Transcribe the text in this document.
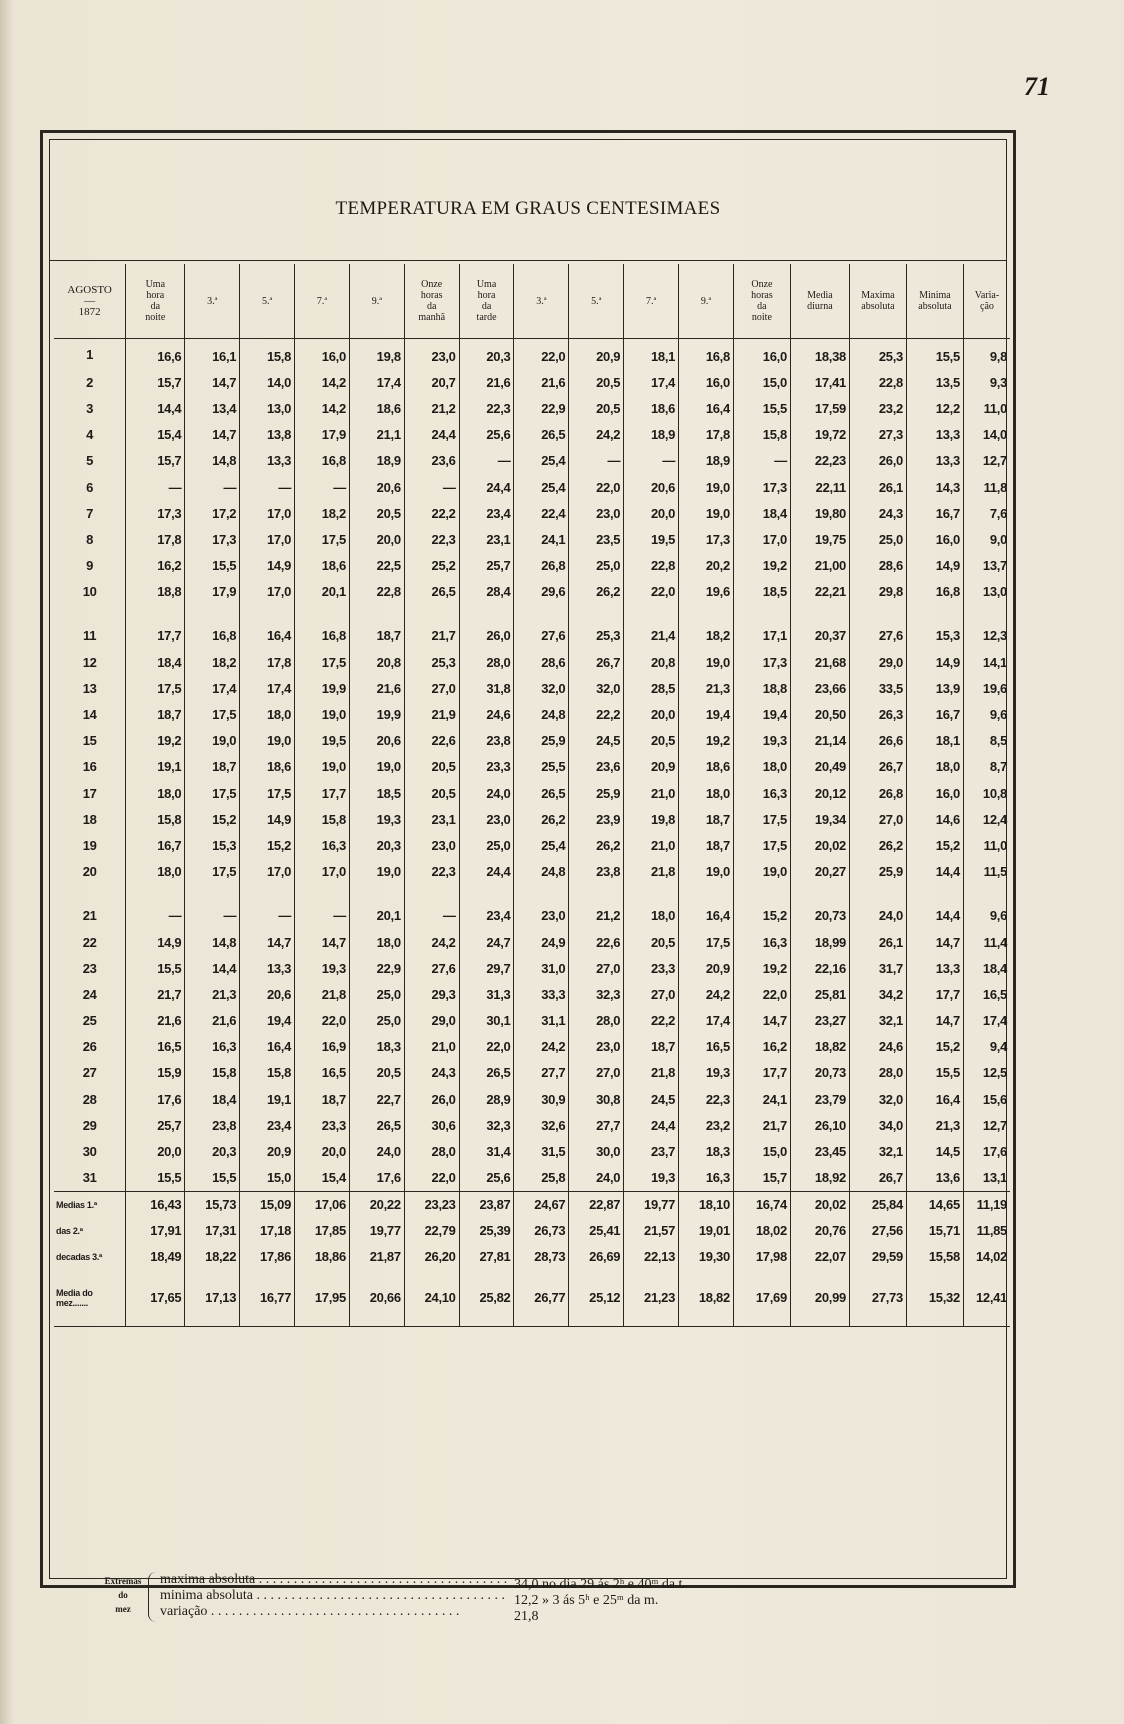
71
TEMPERATURA EM GRAUS CENTESIMAES
AGOSTO
—
1872	Uma
hora
da
noite	3.ª	5.ª	7.ª	9.ª	Onze
horas
da
manhã	Uma
hora
da
tarde	3.ª	5.ª	7.ª	9.ª	Onze
horas
da
noite	Media
diurna	Maxima
absoluta	Minima
absoluta	Varia-
ção
1	16,6	16,1	15,8	16,0	19,8	23,0	20,3	22,0	20,9	18,1	16,8	16,0	18,38	25,3	15,5	9,8
2	15,7	14,7	14,0	14,2	17,4	20,7	21,6	21,6	20,5	17,4	16,0	15,0	17,41	22,8	13,5	9,3
3	14,4	13,4	13,0	14,2	18,6	21,2	22,3	22,9	20,5	18,6	16,4	15,5	17,59	23,2	12,2	11,0
4	15,4	14,7	13,8	17,9	21,1	24,4	25,6	26,5	24,2	18,9	17,8	15,8	19,72	27,3	13,3	14,0
5	15,7	14,8	13,3	16,8	18,9	23,6	—	25,4	—	—	18,9	—	22,23	26,0	13,3	12,7
6	—	—	—	—	20,6	—	24,4	25,4	22,0	20,6	19,0	17,3	22,11	26,1	14,3	11,8
7	17,3	17,2	17,0	18,2	20,5	22,2	23,4	22,4	23,0	20,0	19,0	18,4	19,80	24,3	16,7	7,6
8	17,8	17,3	17,0	17,5	20,0	22,3	23,1	24,1	23,5	19,5	17,3	17,0	19,75	25,0	16,0	9,0
9	16,2	15,5	14,9	18,6	22,5	25,2	25,7	26,8	25,0	22,8	20,2	19,2	21,00	28,6	14,9	13,7
10	18,8	17,9	17,0	20,1	22,8	26,5	28,4	29,6	26,2	22,0	19,6	18,5	22,21	29,8	16,8	13,0

11	17,7	16,8	16,4	16,8	18,7	21,7	26,0	27,6	25,3	21,4	18,2	17,1	20,37	27,6	15,3	12,3
12	18,4	18,2	17,8	17,5	20,8	25,3	28,0	28,6	26,7	20,8	19,0	17,3	21,68	29,0	14,9	14,1
13	17,5	17,4	17,4	19,9	21,6	27,0	31,8	32,0	32,0	28,5	21,3	18,8	23,66	33,5	13,9	19,6
14	18,7	17,5	18,0	19,0	19,9	21,9	24,6	24,8	22,2	20,0	19,4	19,4	20,50	26,3	16,7	9,6
15	19,2	19,0	19,0	19,5	20,6	22,6	23,8	25,9	24,5	20,5	19,2	19,3	21,14	26,6	18,1	8,5
16	19,1	18,7	18,6	19,0	19,0	20,5	23,3	25,5	23,6	20,9	18,6	18,0	20,49	26,7	18,0	8,7
17	18,0	17,5	17,5	17,7	18,5	20,5	24,0	26,5	25,9	21,0	18,0	16,3	20,12	26,8	16,0	10,8
18	15,8	15,2	14,9	15,8	19,3	23,1	23,0	26,2	23,9	19,8	18,7	17,5	19,34	27,0	14,6	12,4
19	16,7	15,3	15,2	16,3	20,3	23,0	25,0	25,4	26,2	21,0	18,7	17,5	20,02	26,2	15,2	11,0
20	18,0	17,5	17,0	17,0	19,0	22,3	24,4	24,8	23,8	21,8	19,0	19,0	20,27	25,9	14,4	11,5

21	—	—	—	—	20,1	—	23,4	23,0	21,2	18,0	16,4	15,2	20,73	24,0	14,4	9,6
22	14,9	14,8	14,7	14,7	18,0	24,2	24,7	24,9	22,6	20,5	17,5	16,3	18,99	26,1	14,7	11,4
23	15,5	14,4	13,3	19,3	22,9	27,6	29,7	31,0	27,0	23,3	20,9	19,2	22,16	31,7	13,3	18,4
24	21,7	21,3	20,6	21,8	25,0	29,3	31,3	33,3	32,3	27,0	24,2	22,0	25,81	34,2	17,7	16,5
25	21,6	21,6	19,4	22,0	25,0	29,0	30,1	31,1	28,0	22,2	17,4	14,7	23,27	32,1	14,7	17,4
26	16,5	16,3	16,4	16,9	18,3	21,0	22,0	24,2	23,0	18,7	16,5	16,2	18,82	24,6	15,2	9,4
27	15,9	15,8	15,8	16,5	20,5	24,3	26,5	27,7	27,0	21,8	19,3	17,7	20,73	28,0	15,5	12,5
28	17,6	18,4	19,1	18,7	22,7	26,0	28,9	30,9	30,8	24,5	22,3	24,1	23,79	32,0	16,4	15,6
29	25,7	23,8	23,4	23,3	26,5	30,6	32,3	32,6	27,7	24,4	23,2	21,7	26,10	34,0	21,3	12,7
30	20,0	20,3	20,9	20,0	24,0	28,0	31,4	31,5	30,0	23,7	18,3	15,0	23,45	32,1	14,5	17,6
31	15,5	15,5	15,0	15,4	17,6	22,0	25,6	25,8	24,0	19,3	16,3	15,7	18,92	26,7	13,6	13,1
Medias 1.ª	16,43	15,73	15,09	17,06	20,22	23,23	23,87	24,67	22,87	19,77	18,10	16,74	20,02	25,84	14,65	11,19
das 2.ª	17,91	17,31	17,18	17,85	19,77	22,79	25,39	26,73	25,41	21,57	19,01	18,02	20,76	27,56	15,71	11,85
decadas 3.ª	18,49	18,22	17,86	18,86	21,87	26,20	27,81	28,73	26,69	22,13	19,30	17,98	22,07	29,59	15,58	14,02
Media do
mez.......	17,65	17,13	16,77	17,95	20,66	24,10	25,82	26,77	25,12	21,23	18,82	17,69	20,99	27,73	15,32	12,41
Extremas
do
mez
maxima absoluta . . .	34,0 no dia 29 ás 2ʰ e 40ᵐ da t.
minima absoluta . . .	12,2 » 3 ás 5ʰ e 25ᵐ da m.
variação . . .	21,8
